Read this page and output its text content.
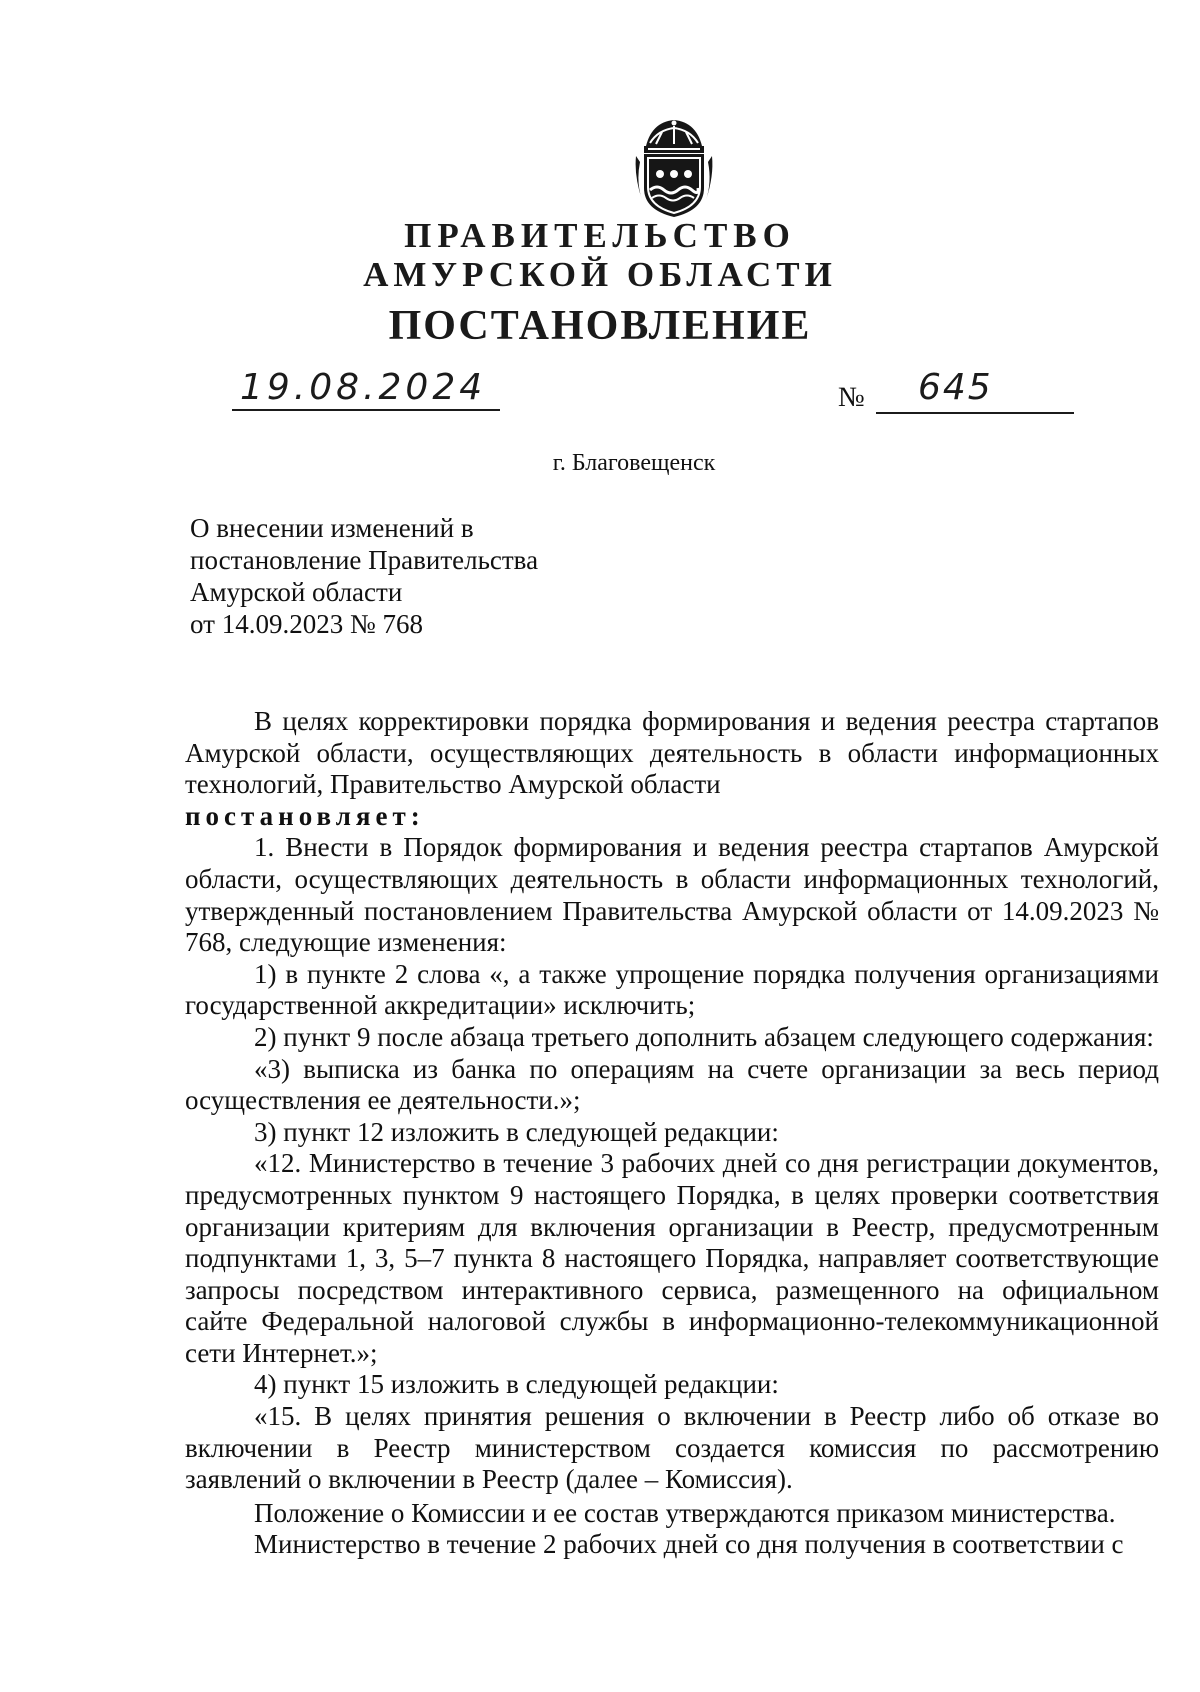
ПРАВИТЕЛЬСТВО
АМУРСКОЙ ОБЛАСТИ
ПОСТАНОВЛЕНИЕ
19.08.2024	№ 645
г. Благовещенск
О внесении изменений в
постановление Правительства
Амурской области
от 14.09.2023 № 768

В целях корректировки порядка формирования и ведения реестра стартапов Амурской области, осуществляющих деятельность в области информационных технологий, Правительство Амурской области

постановляет:

1. Внести в Порядок формирования и ведения реестра стартапов Амурской области, осуществляющих деятельность в области информационных технологий, утвержденный постановлением Правительства Амурской области от 14.09.2023 № 768, следующие изменения:

1) в пункте 2 слова «, а также упрощение порядка получения организациями государственной аккредитации» исключить;

2) пункт 9 после абзаца третьего дополнить абзацем следующего содержания:

«3) выписка из банка по операциям на счете организации за весь период осуществления ее деятельности.»;

3) пункт 12 изложить в следующей редакции:

«12. Министерство в течение 3 рабочих дней со дня регистрации документов, предусмотренных пунктом 9 настоящего Порядка, в целях проверки соответствия организации критериям для включения организации в Реестр, предусмотренным подпунктами 1, 3, 5–7 пункта 8 настоящего Порядка, направляет соответствующие запросы посредством интерактивного сервиса, размещенного на официальном сайте Федеральной налоговой службы в информационно-телекоммуникационной сети Интернет.»;

4) пункт 15 изложить в следующей редакции:

«15. В целях принятия решения о включении в Реестр либо об отказе во включении в Реестр министерством создается комиссия по рассмотрению заявлений о включении в Реестр (далее – Комиссия).

Положение о Комиссии и ее состав утверждаются приказом министерства.

Министерство в течение 2 рабочих дней со дня получения в соответствии с
